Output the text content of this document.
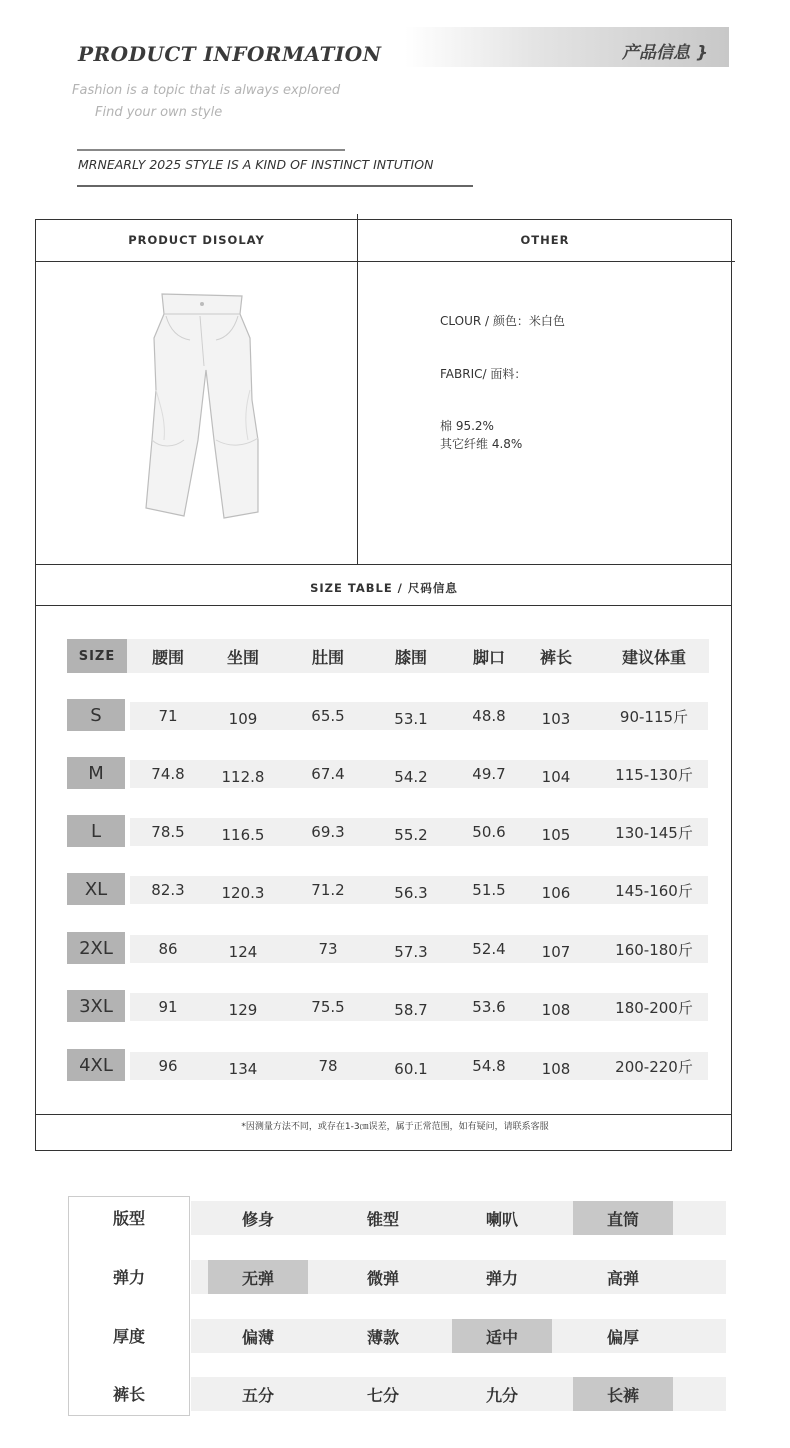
PRODUCT INFORMATION	产品信息 }
Fashion is a topic that is always explored
Find your own style
MRNEARLY 2025 STYLE IS A KIND OF INSTINCT INTUTION
PRODUCT DISOLAY	OTHER
CLOUR / 颜色：米白色
FABRIC/ 面料：
棉 95.2%
其它纤维 4.8%
SIZE TABLE / 尺码信息
SIZE	腰围	坐围	肚围	膝围	脚口	裤长	建议体重
S	71	109	65.5	53.1	48.8	103	90-115斤
M	74.8	112.8	67.4	54.2	49.7	104	115-130斤
L	78.5	116.5	69.3	55.2	50.6	105	130-145斤
XL	82.3	120.3	71.2	56.3	51.5	106	145-160斤
2XL	86	124	73	57.3	52.4	107	160-180斤
3XL	91	129	75.5	58.7	53.6	108	180-200斤
4XL	96	134	78	60.1	54.8	108	200-220斤
*因测量方法不同，或存在1-3㎝误差，属于正常范围，如有疑问，请联系客服
版型	修身	锥型	喇叭	直筒
弹力	无弹	微弹	弹力	高弹
厚度	偏薄	薄款	适中	偏厚
裤长	五分	七分	九分	长裤
